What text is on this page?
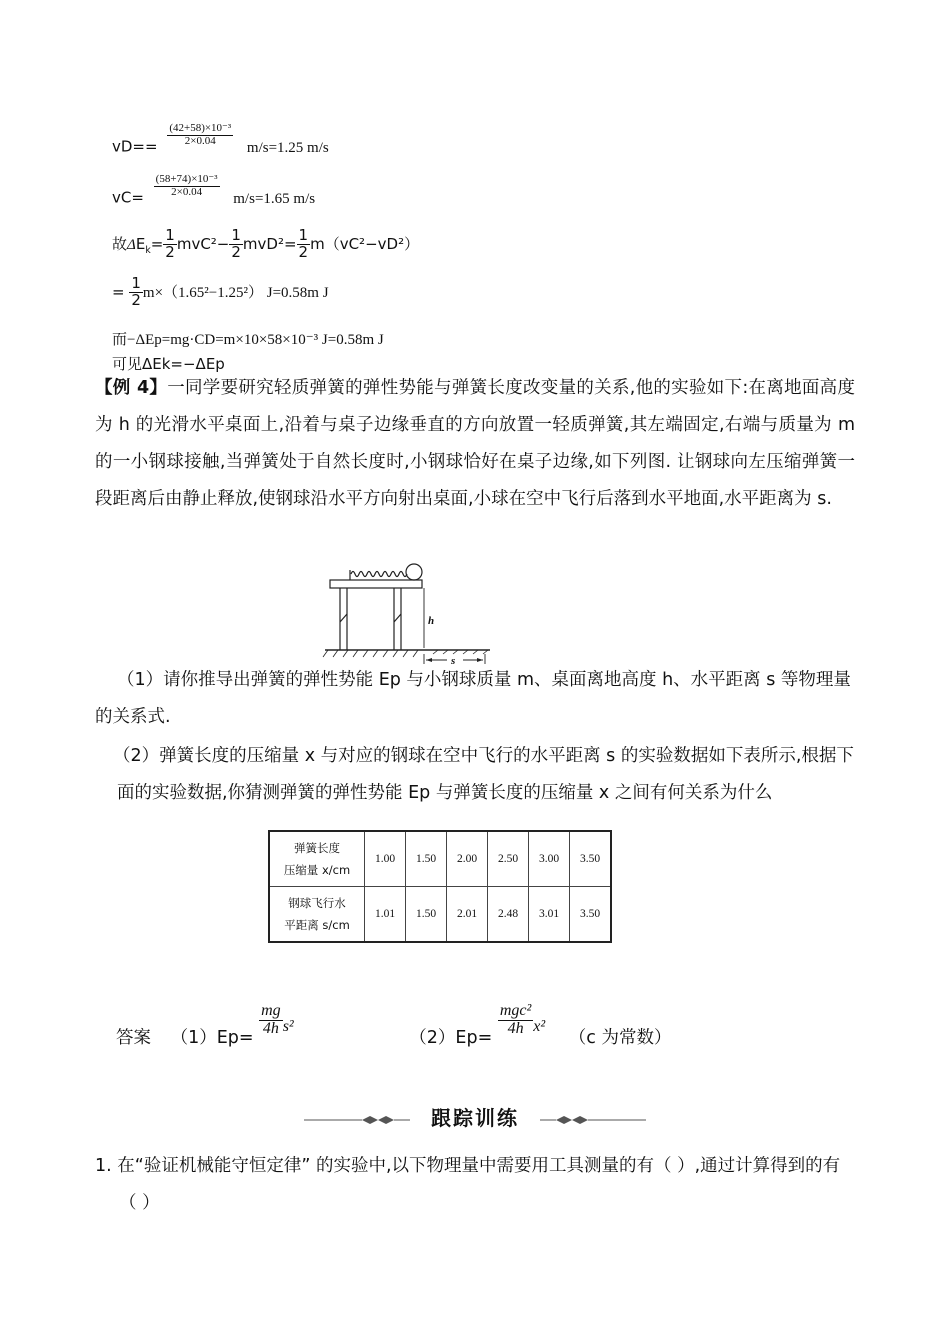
$vD== \frac{\text{(42+58)×10⁻³}}{2\times 0.04}$
m/s=1.25 m/s
$vC= \frac{\text{(58+74)×10⁻³}}{2\times 0.04}$
m/s=1.65 m/s
故$\Delta E_k= \frac{1}{2} mvC^2- \frac{1}{2} mvD^2= \frac{1}{2} m(vC^2-vD^2)$
= $\frac{1}{2} m\times(1.65^2-1.25^2)$ J=0.58m J
而−ΔEp=mg·CD=m×10×58×10⁻³ J=0.58m J
可见ΔEk=−ΔEp
【例 4】一同学要研究轻质弹簧的弹性势能与弹簧长度改变量的关系,他的实验如下:在离地面高度为 h 的光滑水平桌面上,沿着与桌子边缘垂直的方向放置一轻质弹簧,其左端固定,右端与质量为 m 的一小钢球接触,当弹簧处于自然长度时,小钢球恰好在桌子边缘,如下列图. 让钢球向左压缩弹簧一段距离后由静止释放,使钢球沿水平方向射出桌面,小球在空中飞行后落到水平地面,水平距离为 s.
h
s
（1）请你推导出弹簧的弹性势能 Ep 与小钢球质量 m、桌面离地高度 h、水平距离 s 等物理量的关系式.
（2）弹簧长度的压缩量 x 与对应的钢球在空中飞行的水平距离 s 的实验数据如下表所示,根据下面的实验数据,你猜测弹簧的弹性势能 Ep 与弹簧长度的压缩量 x 之间有何关系为什么
弹簧长度
压缩量 x/cm	1.00	1.50	2.00	2.50	3.00	3.50

钢球飞行水
平距离 s/cm	1.01	1.50	2.01	2.48	3.01	3.50
答案 （1）Ep=
$\frac{mg}{4h} s^2$ （2）Ep=
$\frac{\text{mgc²}}{4h} x^2$ （c 为常数）
跟踪训练
1. 在“验证机械能守恒定律” 的实验中,以下物理量中需要用工具测量的有（ ）,通过计算得到的有（ ）
